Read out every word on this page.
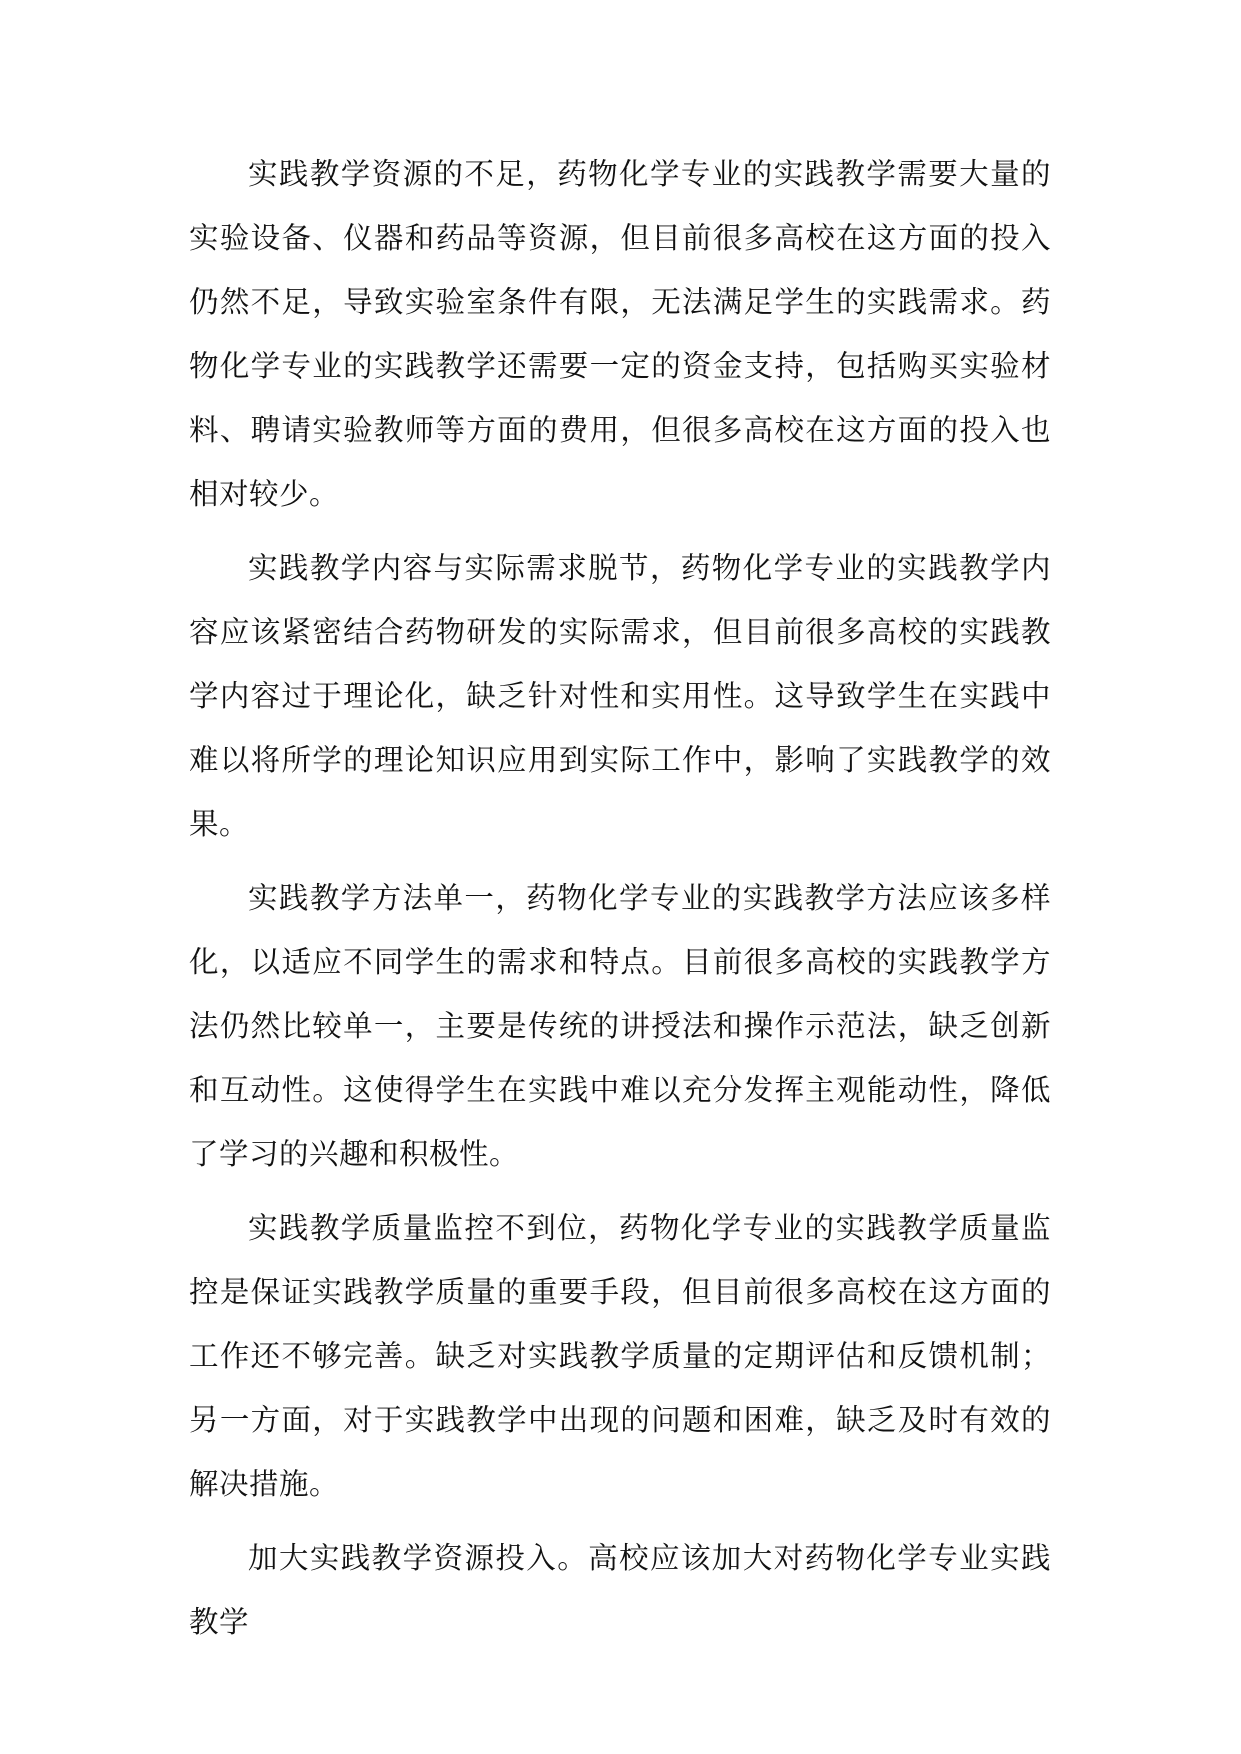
实践教学资源的不足，药物化学专业的实践教学需要大量的实验设备、仪器和药品等资源，但目前很多高校在这方面的投入仍然不足，导致实验室条件有限，无法满足学生的实践需求。药物化学专业的实践教学还需要一定的资金支持，包括购买实验材料、聘请实验教师等方面的费用，但很多高校在这方面的投入也相对较少。

实践教学内容与实际需求脱节，药物化学专业的实践教学内容应该紧密结合药物研发的实际需求，但目前很多高校的实践教学内容过于理论化，缺乏针对性和实用性。这导致学生在实践中难以将所学的理论知识应用到实际工作中，影响了实践教学的效果。

实践教学方法单一，药物化学专业的实践教学方法应该多样化，以适应不同学生的需求和特点。目前很多高校的实践教学方法仍然比较单一，主要是传统的讲授法和操作示范法，缺乏创新和互动性。这使得学生在实践中难以充分发挥主观能动性，降低了学习的兴趣和积极性。

实践教学质量监控不到位，药物化学专业的实践教学质量监控是保证实践教学质量的重要手段，但目前很多高校在这方面的工作还不够完善。缺乏对实践教学质量的定期评估和反馈机制；另一方面，对于实践教学中出现的问题和困难，缺乏及时有效的解决措施。

加大实践教学资源投入。高校应该加大对药物化学专业实践教学
